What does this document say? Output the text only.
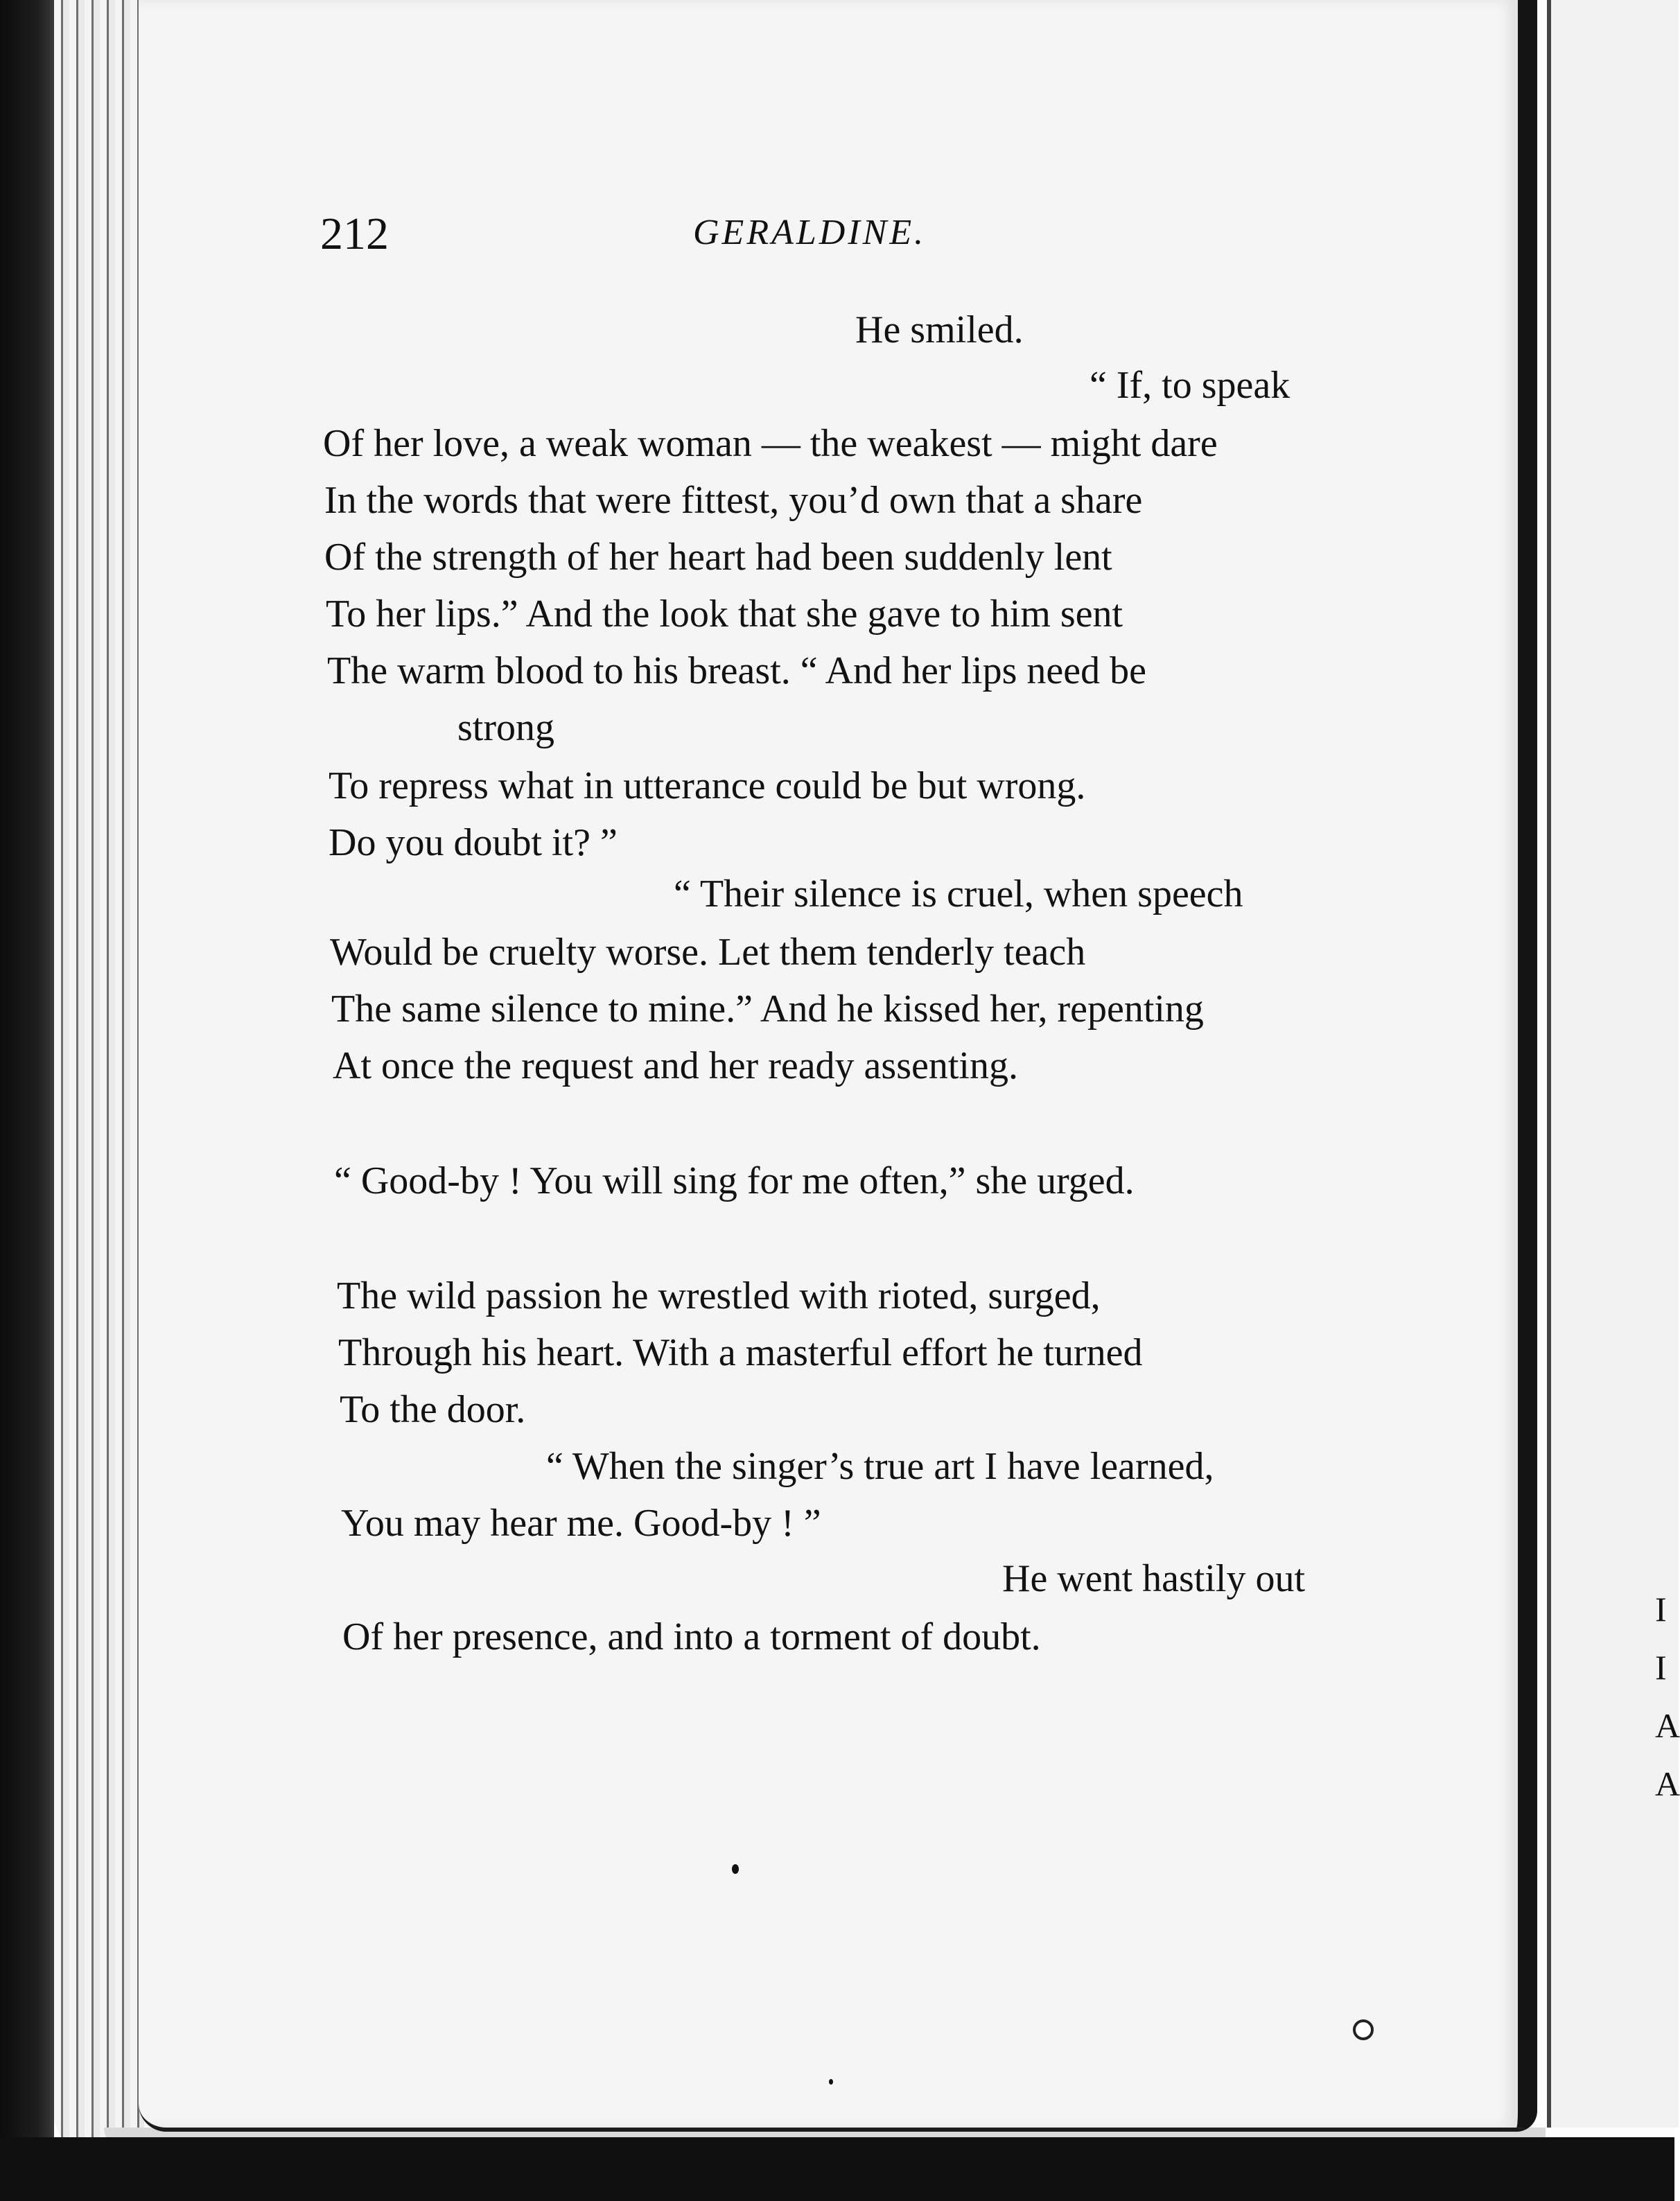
I
I
A
A

212	GERALDINE.

He smiled.
“ If, to speak
Of her love, a weak woman — the weakest — might dare
In the words that were fittest, you’d own that a share
Of the strength of her heart had been suddenly lent
To her lips.” And the look that she gave to him sent
The warm blood to his breast. “ And her lips need be
strong
To repress what in utterance could be but wrong.
Do you doubt it? ”
“ Their silence is cruel, when speech
Would be cruelty worse. Let them tenderly teach
The same silence to mine.” And he kissed her, repenting
At once the request and her ready assenting.
“ Good-by ! You will sing for me often,” she urged.
The wild passion he wrestled with rioted, surged,
Through his heart. With a masterful effort he turned
To the door.
“ When the singer’s true art I have learned,
You may hear me. Good-by ! ”
He went hastily out
Of her presence, and into a torment of doubt.
